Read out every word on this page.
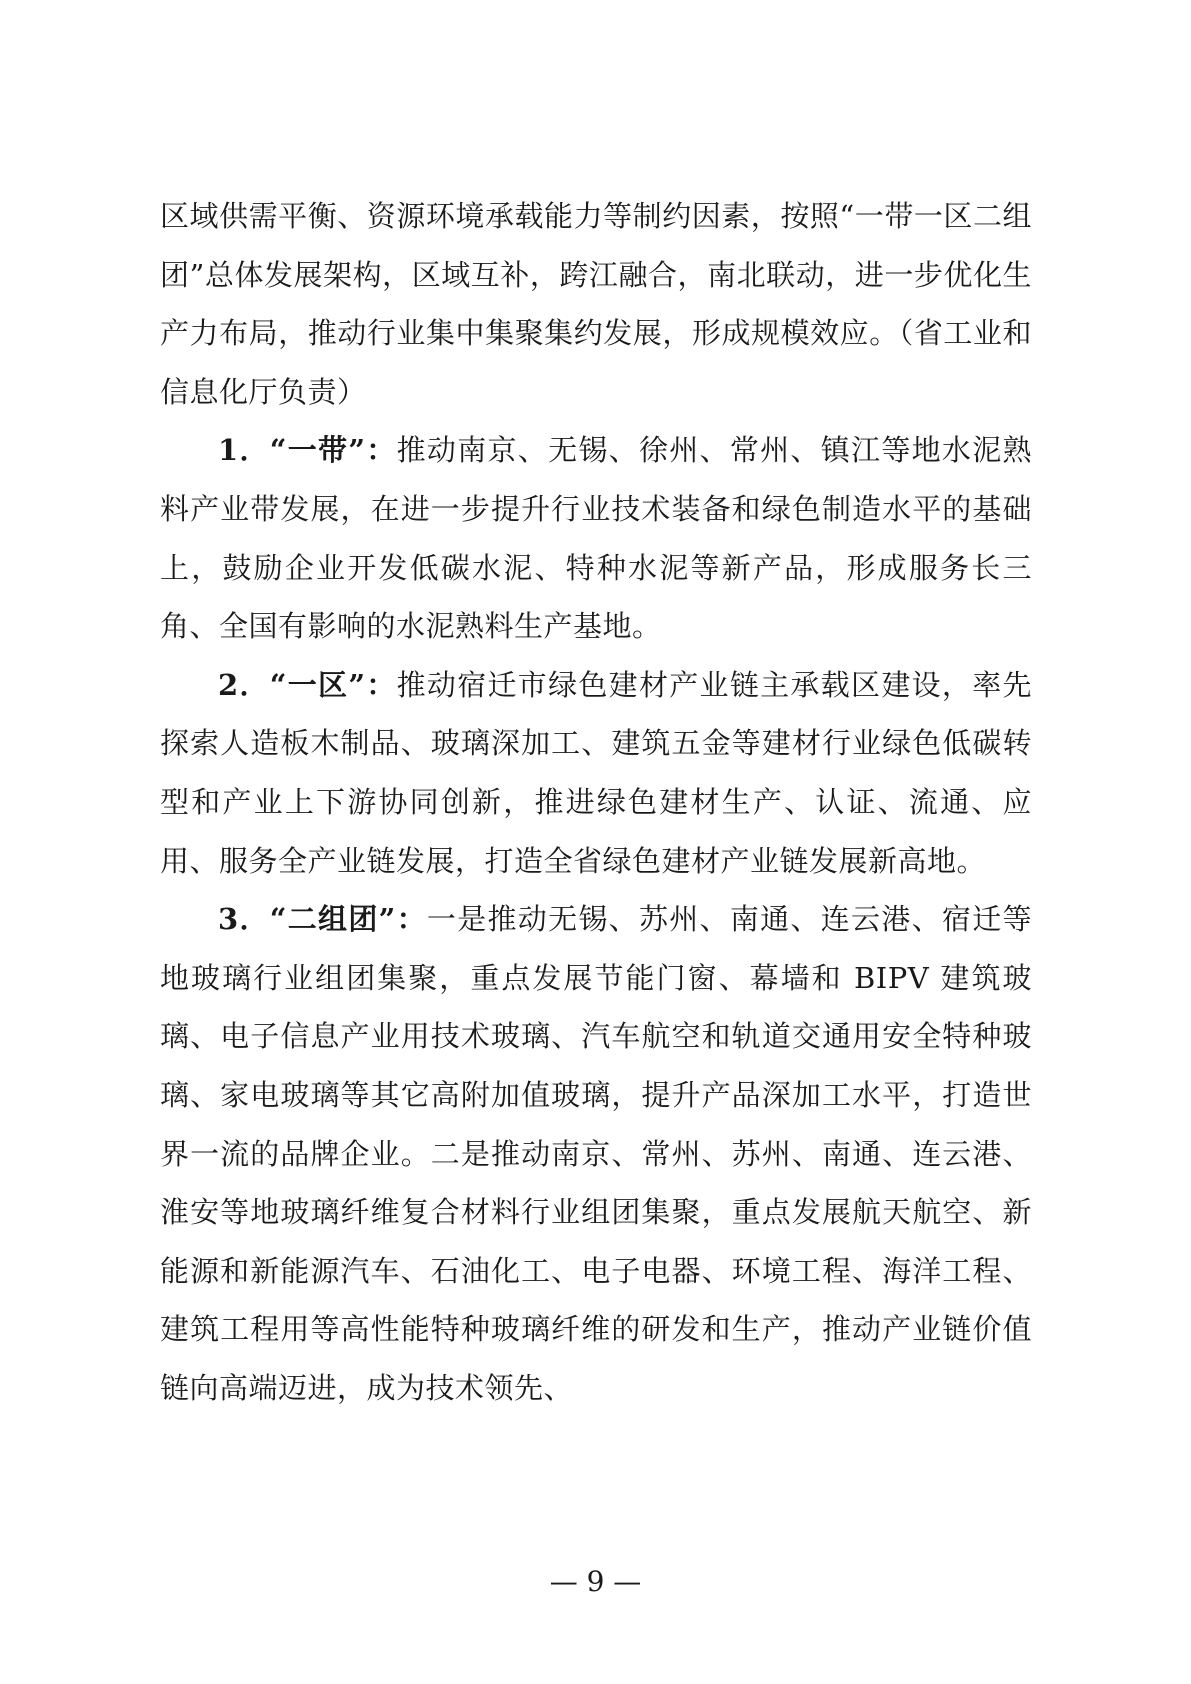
区域供需平衡、资源环境承载能力等制约因素，按照“一带一区二组团”总体发展架构，区域互补，跨江融合，南北联动，进一步优化生产力布局，推动行业集中集聚集约发展，形成规模效应。（省工业和信息化厅负责）

1．“一带”：推动南京、无锡、徐州、常州、镇江等地水泥熟料产业带发展，在进一步提升行业技术装备和绿色制造水平的基础上，鼓励企业开发低碳水泥、特种水泥等新产品，形成服务长三角、全国有影响的水泥熟料生产基地。

2．“一区”：推动宿迁市绿色建材产业链主承载区建设，率先探索人造板木制品、玻璃深加工、建筑五金等建材行业绿色低碳转型和产业上下游协同创新，推进绿色建材生产、认证、流通、应用、服务全产业链发展，打造全省绿色建材产业链发展新高地。

3．“二组团”：一是推动无锡、苏州、南通、连云港、宿迁等地玻璃行业组团集聚，重点发展节能门窗、幕墙和 BIPV 建筑玻璃、电子信息产业用技术玻璃、汽车航空和轨道交通用安全特种玻璃、家电玻璃等其它高附加值玻璃，提升产品深加工水平，打造世界一流的品牌企业。二是推动南京、常州、苏州、南通、连云港、淮安等地玻璃纤维复合材料行业组团集聚，重点发展航天航空、新能源和新能源汽车、石油化工、电子电器、环境工程、海洋工程、建筑工程用等高性能特种玻璃纤维的研发和生产，推动产业链价值链向高端迈进，成为技术领先、

— 9 —
